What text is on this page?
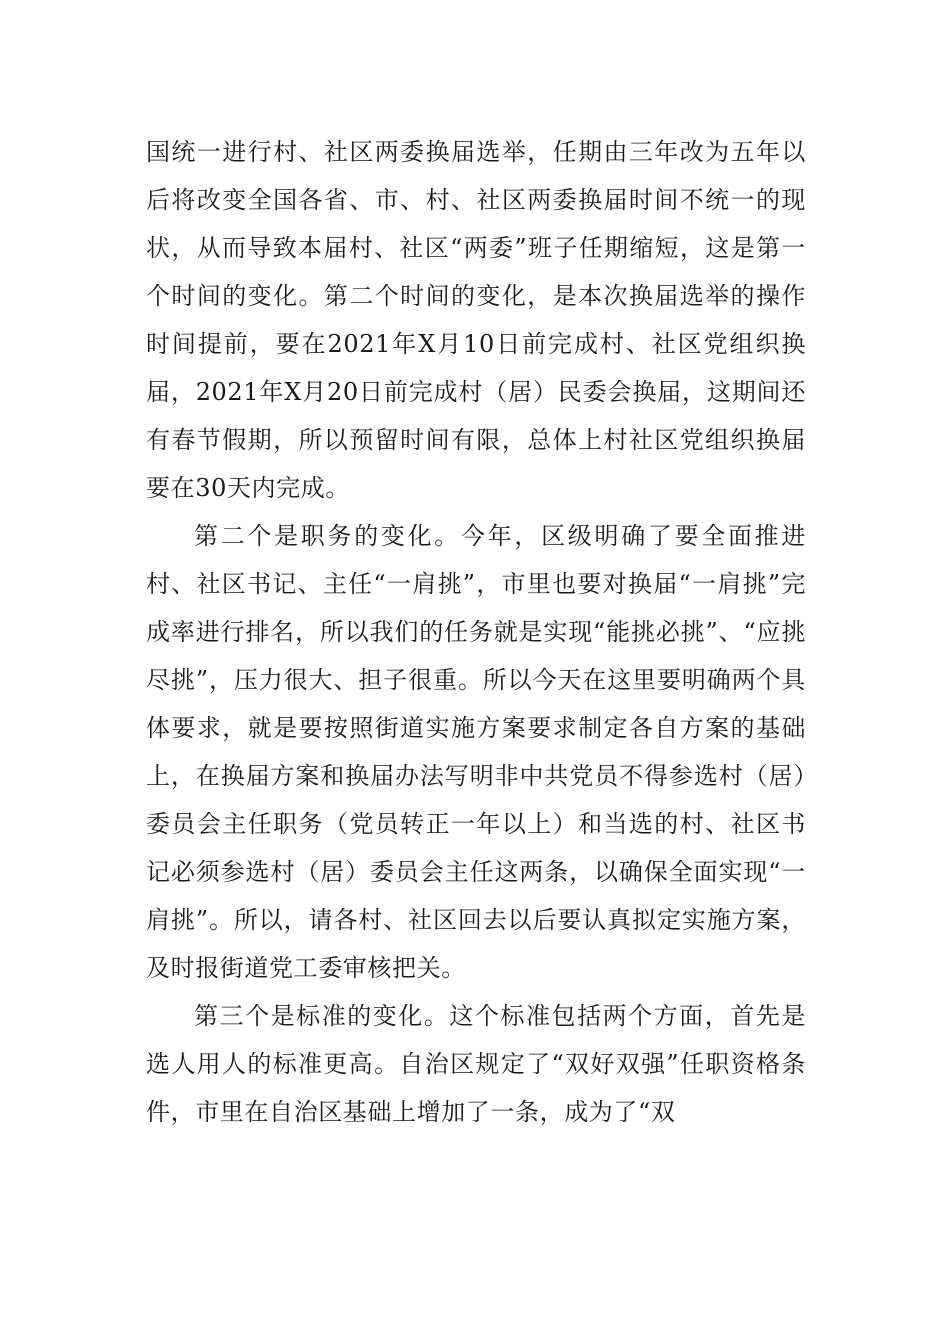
国统一进行村、社区两委换届选举，任期由三年改为五年以后将改变全国各省、市、村、社区两委换届时间不统一的现状，从而导致本届村、社区“两委”班子任期缩短，这是第一个时间的变化。第二个时间的变化，是本次换届选举的操作时间提前，要在2021年X月10日前完成村、社区党组织换届，2021年X月20日前完成村（居）民委会换届，这期间还有春节假期，所以预留时间有限，总体上村社区党组织换届要在30天内完成。

第二个是职务的变化。今年，区级明确了要全面推进村、社区书记、主任“一肩挑”，市里也要对换届“一肩挑”完成率进行排名，所以我们的任务就是实现“能挑必挑”、“应挑尽挑”，压力很大、担子很重。所以今天在这里要明确两个具体要求，就是要按照街道实施方案要求制定各自方案的基础上，在换届方案和换届办法写明非中共党员不得参选村（居）委员会主任职务（党员转正一年以上）和当选的村、社区书记必须参选村（居）委员会主任这两条，以确保全面实现“一肩挑”。所以，请各村、社区回去以后要认真拟定实施方案，及时报街道党工委审核把关。

第三个是标准的变化。这个标准包括两个方面，首先是选人用人的标准更高。自治区规定了“双好双强”任职资格条件，市里在自治区基础上增加了一条，成为了“双
